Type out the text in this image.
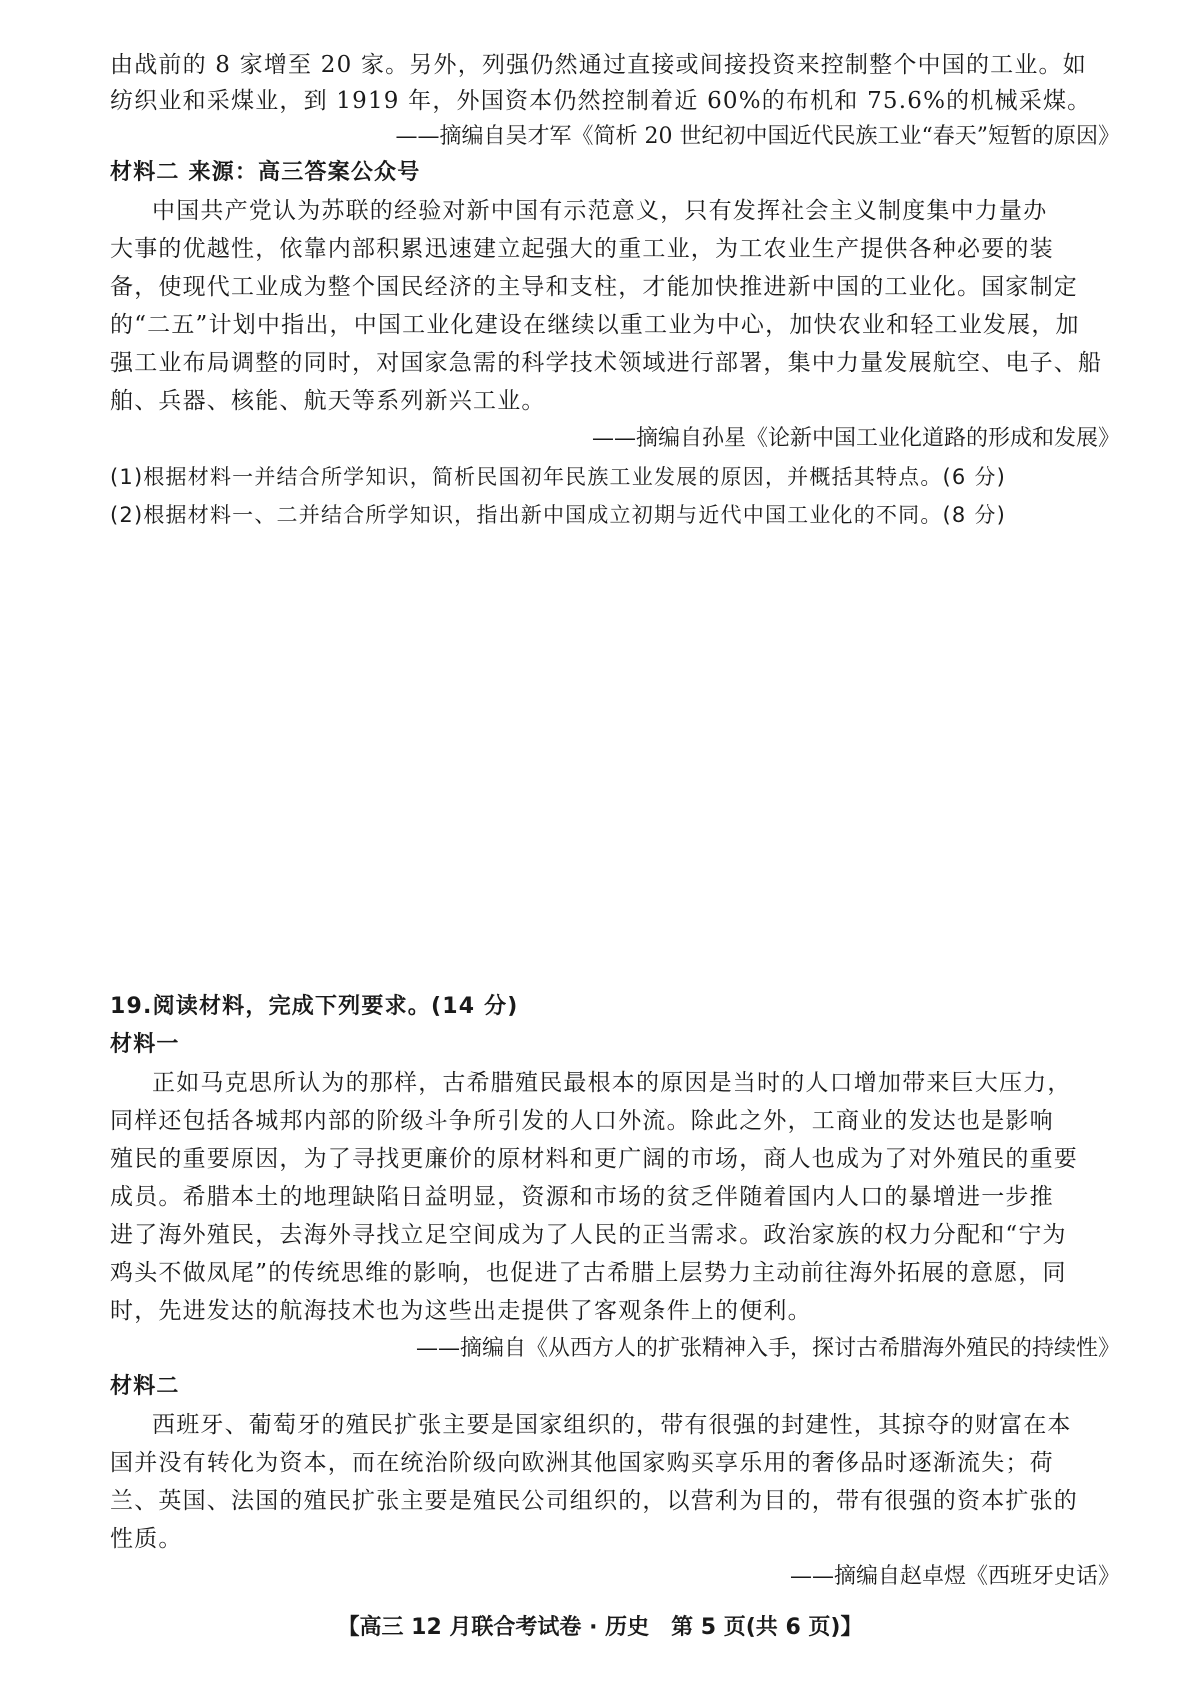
由战前的 8 家增至 20 家。另外，列强仍然通过直接或间接投资来控制整个中国的工业。如
纺织业和采煤业，到 1919 年，外国资本仍然控制着近 60%的布机和 75.6%的机械采煤。
——摘编自吴才军《简析 20 世纪初中国近代民族工业“春天”短暂的原因》
材料二 来源：高三答案公众号
中国共产党认为苏联的经验对新中国有示范意义，只有发挥社会主义制度集中力量办
大事的优越性，依靠内部积累迅速建立起强大的重工业，为工农业生产提供各种必要的装
备，使现代工业成为整个国民经济的主导和支柱，才能加快推进新中国的工业化。国家制定
的“二五”计划中指出，中国工业化建设在继续以重工业为中心，加快农业和轻工业发展，加
强工业布局调整的同时，对国家急需的科学技术领域进行部署，集中力量发展航空、电子、船
舶、兵器、核能、航天等系列新兴工业。
——摘编自孙星《论新中国工业化道路的形成和发展》
(1)根据材料一并结合所学知识，简析民国初年民族工业发展的原因，并概括其特点。(6 分)
(2)根据材料一、二并结合所学知识，指出新中国成立初期与近代中国工业化的不同。(8 分)
19.阅读材料，完成下列要求。(14 分)
材料一
正如马克思所认为的那样，古希腊殖民最根本的原因是当时的人口增加带来巨大压力，
同样还包括各城邦内部的阶级斗争所引发的人口外流。除此之外，工商业的发达也是影响
殖民的重要原因，为了寻找更廉价的原材料和更广阔的市场，商人也成为了对外殖民的重要
成员。希腊本土的地理缺陷日益明显，资源和市场的贫乏伴随着国内人口的暴增进一步推
进了海外殖民，去海外寻找立足空间成为了人民的正当需求。政治家族的权力分配和“宁为
鸡头不做凤尾”的传统思维的影响，也促进了古希腊上层势力主动前往海外拓展的意愿，同
时，先进发达的航海技术也为这些出走提供了客观条件上的便利。
——摘编自《从西方人的扩张精神入手，探讨古希腊海外殖民的持续性》
材料二
西班牙、葡萄牙的殖民扩张主要是国家组织的，带有很强的封建性，其掠夺的财富在本
国并没有转化为资本，而在统治阶级向欧洲其他国家购买享乐用的奢侈品时逐渐流失；荷
兰、英国、法国的殖民扩张主要是殖民公司组织的，以营利为目的，带有很强的资本扩张的
性质。
——摘编自赵卓煜《西班牙史话》
【高三 12 月联合考试卷 · 历史　第 5 页(共 6 页)】
